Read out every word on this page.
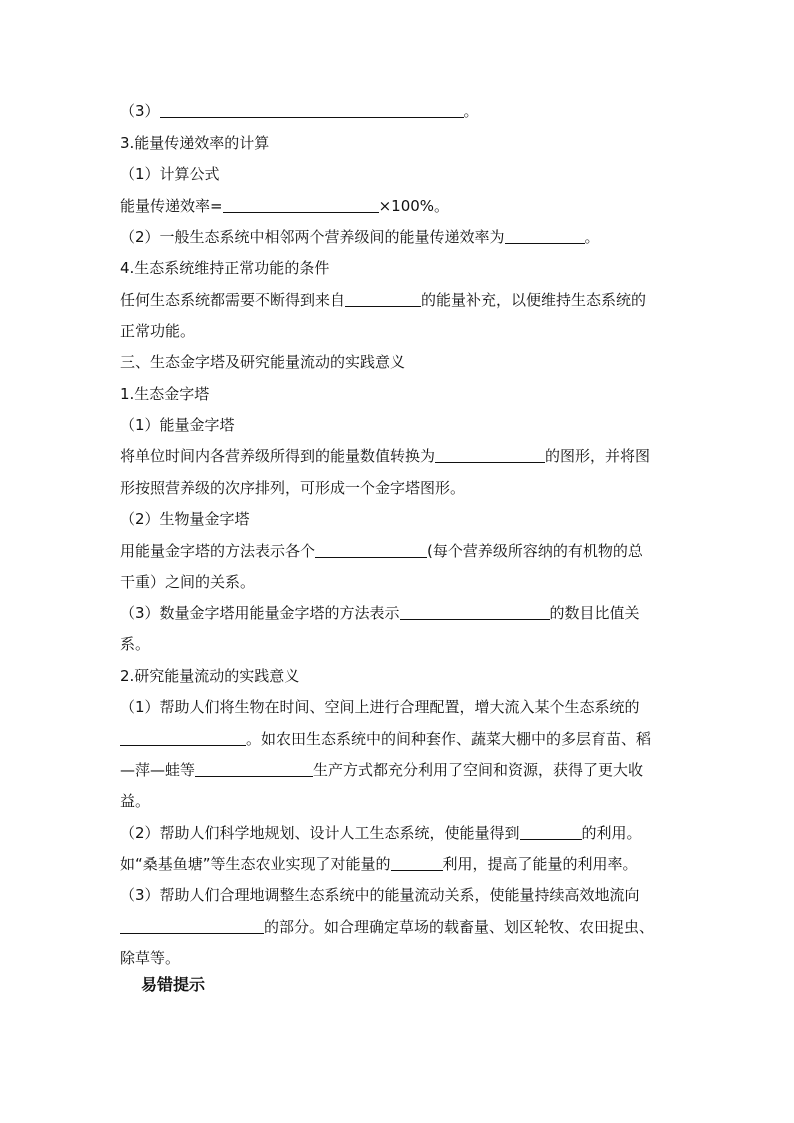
（3）	。
3.能量传递效率的计算
（1）计算公式
能量传递效率=	×100%。
（2）一般生态系统中相邻两个营养级间的能量传递效率为	。
4.生态系统维持正常功能的条件
任何生态系统都需要不断得到来自	的能量补充，以便维持生态系统的
正常功能。
三、生态金字塔及研究能量流动的实践意义
1.生态金字塔
（1）能量金字塔
将单位时间内各营养级所得到的能量数值转换为	的图形，并将图
形按照营养级的次序排列，可形成一个金字塔图形。
（2）生物量金字塔
用能量金字塔的方法表示各个	(每个营养级所容纳的有机物的总
干重）之间的关系。
（3）数量金字塔用能量金字塔的方法表示	的数目比值关
系。
2.研究能量流动的实践意义
（1）帮助人们将生物在时间、空间上进行合理配置，增大流入某个生态系统的
。如农田生态系统中的间种套作、蔬菜大棚中的多层育苗、稻
—萍—蛙等	生产方式都充分利用了空间和资源，获得了更大收
益。
（2）帮助人们科学地规划、设计人工生态系统，使能量得到	的利用。
如“桑基鱼塘”等生态农业实现了对能量的	利用，提高了能量的利用率。
（3）帮助人们合理地调整生态系统中的能量流动关系，使能量持续高效地流向
的部分。如合理确定草场的载畜量、划区轮牧、农田捉虫、
除草等。
易错提示
